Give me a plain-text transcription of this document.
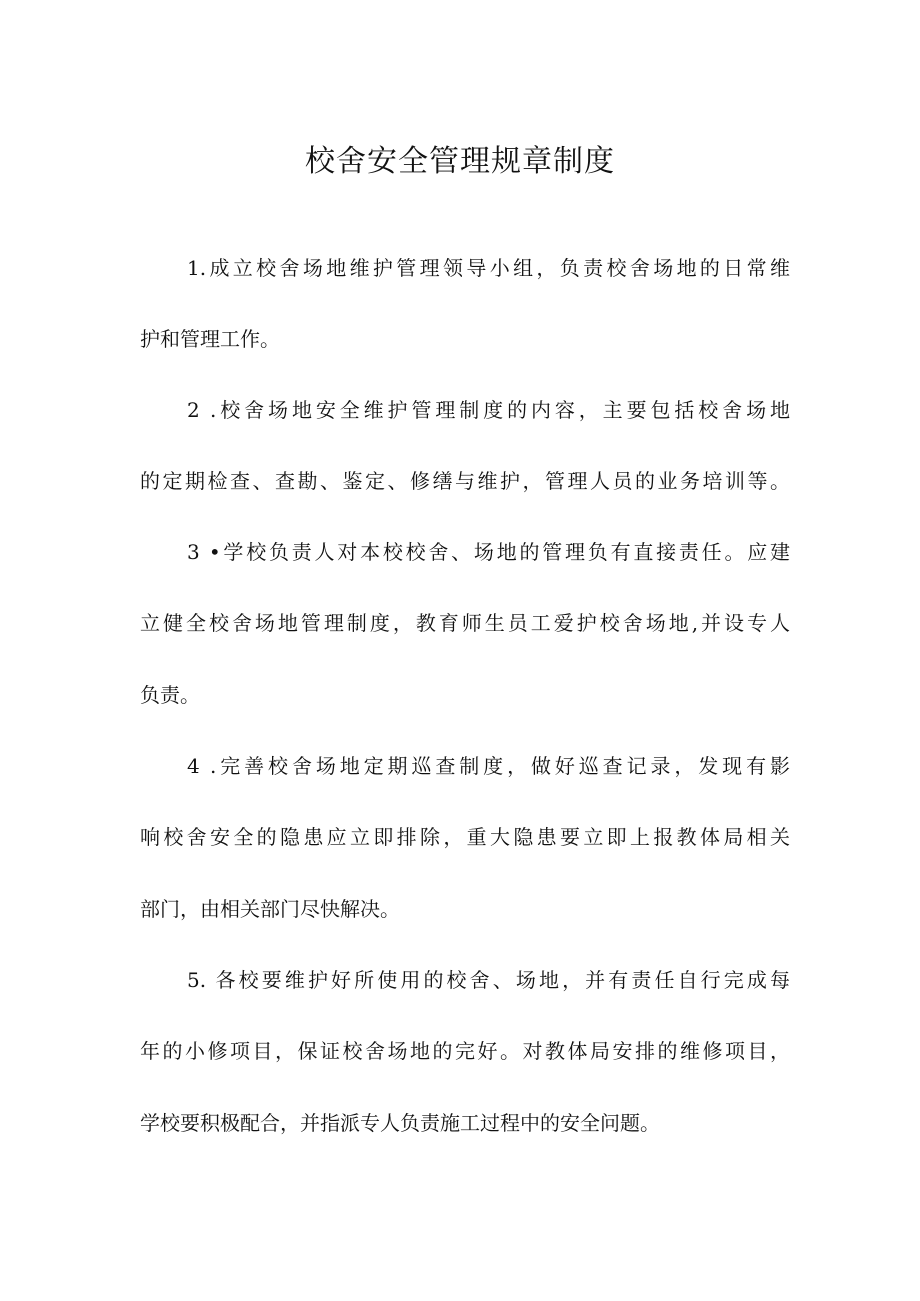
校舍安全管理规章制度

1.成立校舍场地维护管理领导小组，负责校舍场地的日常维

护和管理工作。

2 .校舍场地安全维护管理制度的内容，主要包括校舍场地

的定期检查、查勘、鉴定、修缮与维护，管理人员的业务培训等。

3 •学校负责人对本校校舍、场地的管理负有直接责任。应建

立健全校舍场地管理制度，教育师生员工爱护校舍场地,并设专人

负责。

4 .完善校舍场地定期巡查制度，做好巡查记录，发现有影

响校舍安全的隐患应立即排除，重大隐患要立即上报教体局相关

部门，由相关部门尽快解决。

5. 各校要维护好所使用的校舍、场地，并有责任自行完成每

年的小修项目，保证校舍场地的完好。对教体局安排的维修项目，

学校要积极配合，并指派专人负责施工过程中的安全问题。
